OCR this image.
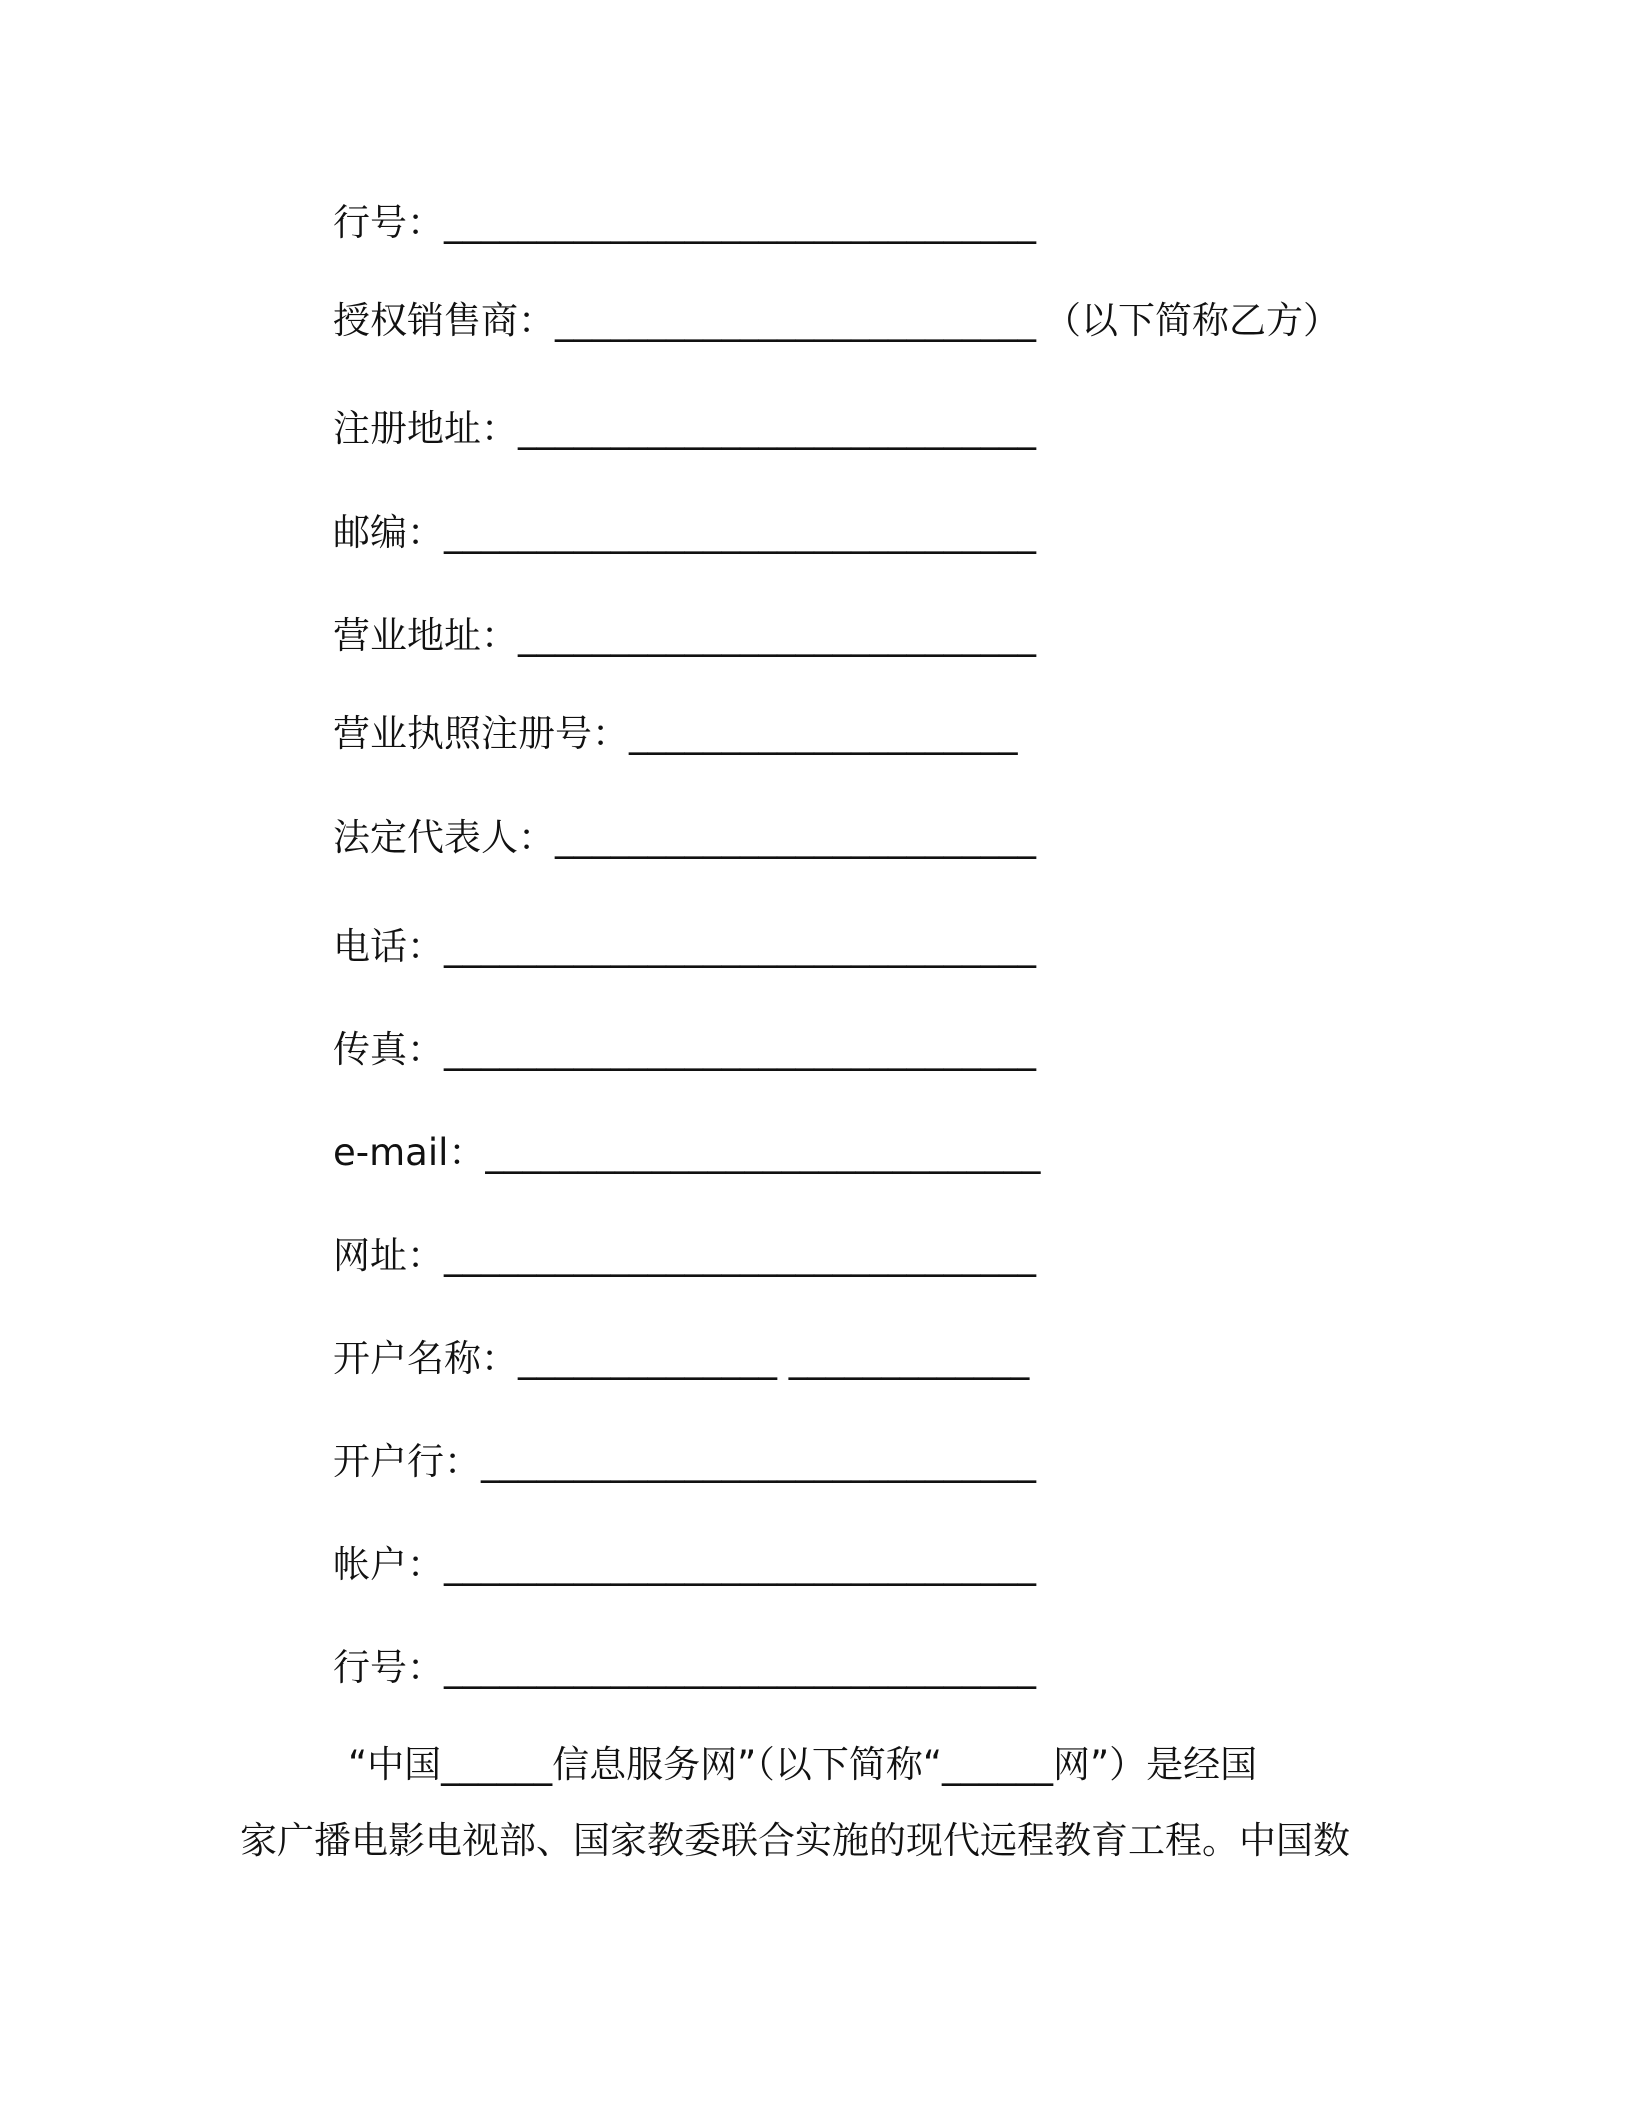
行号：________________________________
授权销售商：__________________________ （以下简称乙方）
注册地址：____________________________
邮编：________________________________
营业地址：____________________________
营业执照注册号：_____________________
法定代表人：__________________________
电话：________________________________
传真：________________________________
e-mail：______________________________
网址：________________________________
开户名称：______________ _____________
开户行：______________________________
帐户：________________________________
行号：________________________________
“中国______信息服务网”（以下简称“______网”）是经国
家广播电影电视部、国家教委联合实施的现代远程教育工程。中国数
